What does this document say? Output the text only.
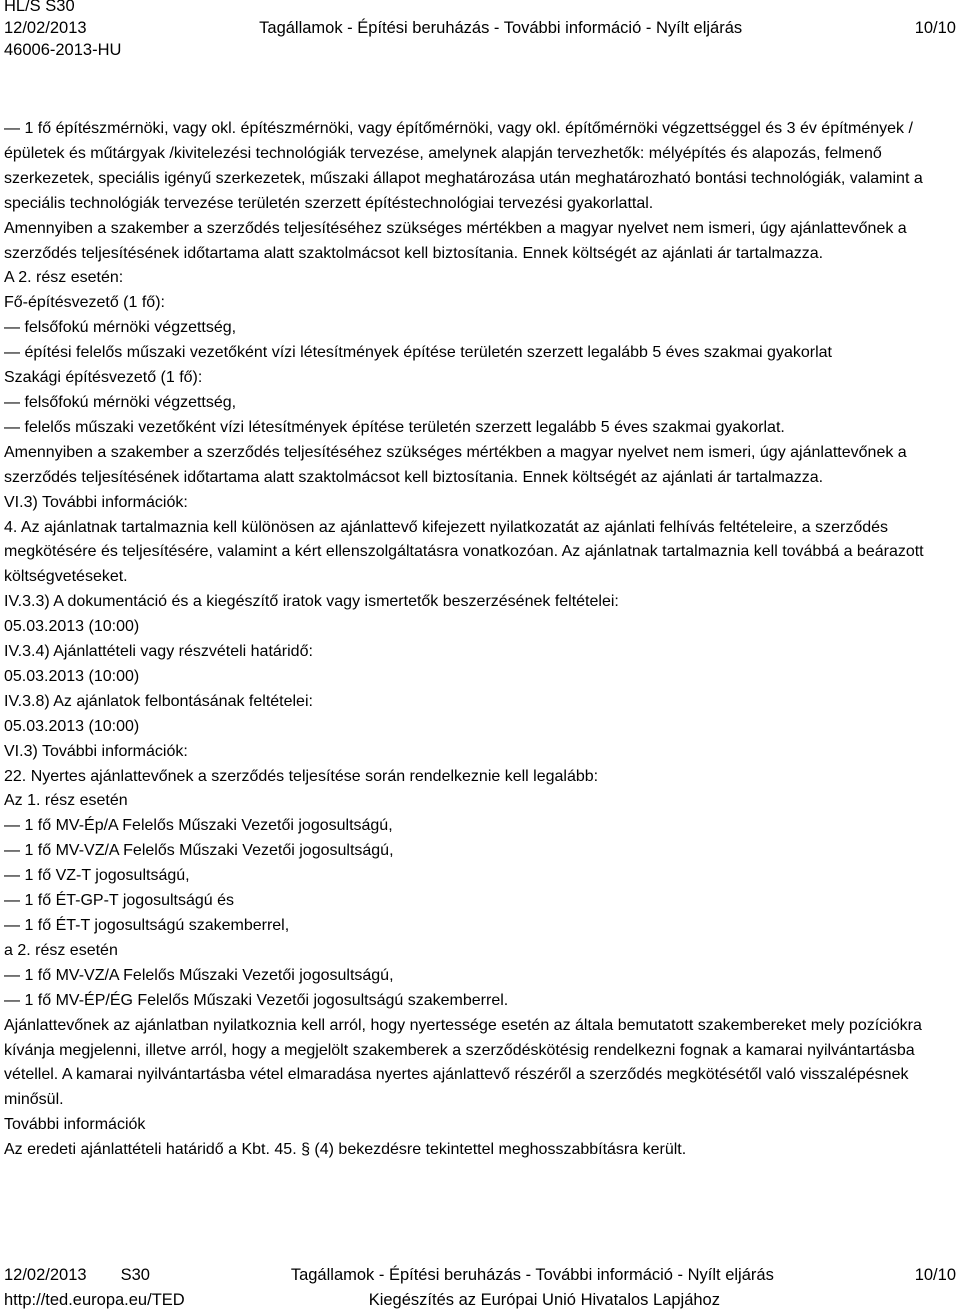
HL/S S30
12/02/2013	Tagállamok - Építési beruházás - További információ - Nyílt eljárás	10/10
46006-2013-HU

— 1 fő építészmérnöki, vagy okl. építészmérnöki, vagy építőmérnöki, vagy okl. építőmérnöki végzettséggel és 3 év építmények / épületek és műtárgyak /kivitelezési technológiák tervezése, amelynek alapján tervezhetők: mélyépítés és alapozás, felmenő szerkezetek, speciális igényű szerkezetek, műszaki állapot meghatározása után meghatározható bontási technológiák, valamint a speciális technológiák tervezése területén szerzett építéstechnológiai tervezési gyakorlattal.

Amennyiben a szakember a szerződés teljesítéséhez szükséges mértékben a magyar nyelvet nem ismeri, úgy ajánlattevőnek a szerződés teljesítésének időtartama alatt szaktolmácsot kell biztosítania. Ennek költségét az ajánlati ár tartalmazza.

A 2. rész esetén:

Fő-építésvezető (1 fő):

— felsőfokú mérnöki végzettség,

— építési felelős műszaki vezetőként vízi létesítmények építése területén szerzett legalább 5 éves szakmai gyakorlat

Szakági építésvezető (1 fő):

— felsőfokú mérnöki végzettség,

— felelős műszaki vezetőként vízi létesítmények építése területén szerzett legalább 5 éves szakmai gyakorlat.

Amennyiben a szakember a szerződés teljesítéséhez szükséges mértékben a magyar nyelvet nem ismeri, úgy ajánlattevőnek a szerződés teljesítésének időtartama alatt szaktolmácsot kell biztosítania. Ennek költségét az ajánlati ár tartalmazza.

VI.3) További információk:

4. Az ajánlatnak tartalmaznia kell különösen az ajánlattevő kifejezett nyilatkozatát az ajánlati felhívás feltételeire, a szerződés megkötésére és teljesítésére, valamint a kért ellenszolgáltatásra vonatkozóan. Az ajánlatnak tartalmaznia kell továbbá a beárazott költségvetéseket.

IV.3.3) A dokumentáció és a kiegészítő iratok vagy ismertetők beszerzésének feltételei:

05.03.2013 (10:00)

IV.3.4) Ajánlattételi vagy részvételi határidő:

05.03.2013 (10:00)

IV.3.8) Az ajánlatok felbontásának feltételei:

05.03.2013 (10:00)

VI.3) További információk:

22. Nyertes ajánlattevőnek a szerződés teljesítése során rendelkeznie kell legalább:

Az 1. rész esetén

— 1 fő MV-Ép/A Felelős Műszaki Vezetői jogosultságú,

— 1 fő MV-VZ/A Felelős Műszaki Vezetői jogosultságú,

— 1 fő VZ-T jogosultságú,

— 1 fő ÉT-GP-T jogosultságú és

— 1 fő ÉT-T jogosultságú szakemberrel,

a 2. rész esetén

— 1 fő MV-VZ/A Felelős Műszaki Vezetői jogosultságú,

— 1 fő MV-ÉP/ÉG Felelős Műszaki Vezetői jogosultságú szakemberrel.

Ajánlattevőnek az ajánlatban nyilatkoznia kell arról, hogy nyertessége esetén az általa bemutatott szakembereket mely pozíciókra kívánja megjelenni, illetve arról, hogy a megjelölt szakemberek a szerződéskötésig rendelkezni fognak a kamarai nyilvántartásba vétellel. A kamarai nyilvántartásba vétel elmaradása nyertes ajánlattevő részéről a szerződés megkötésétől való visszalépésnek minősül.

További információk

Az eredeti ajánlattételi határidő a Kbt. 45. § (4) bekezdésre tekintettel meghosszabbításra került.

12/02/2013 S30	Tagállamok - Építési beruházás - További információ - Nyílt eljárás	10/10
http://ted.europa.eu/TED	Kiegészítés az Európai Unió Hivatalos Lapjához
